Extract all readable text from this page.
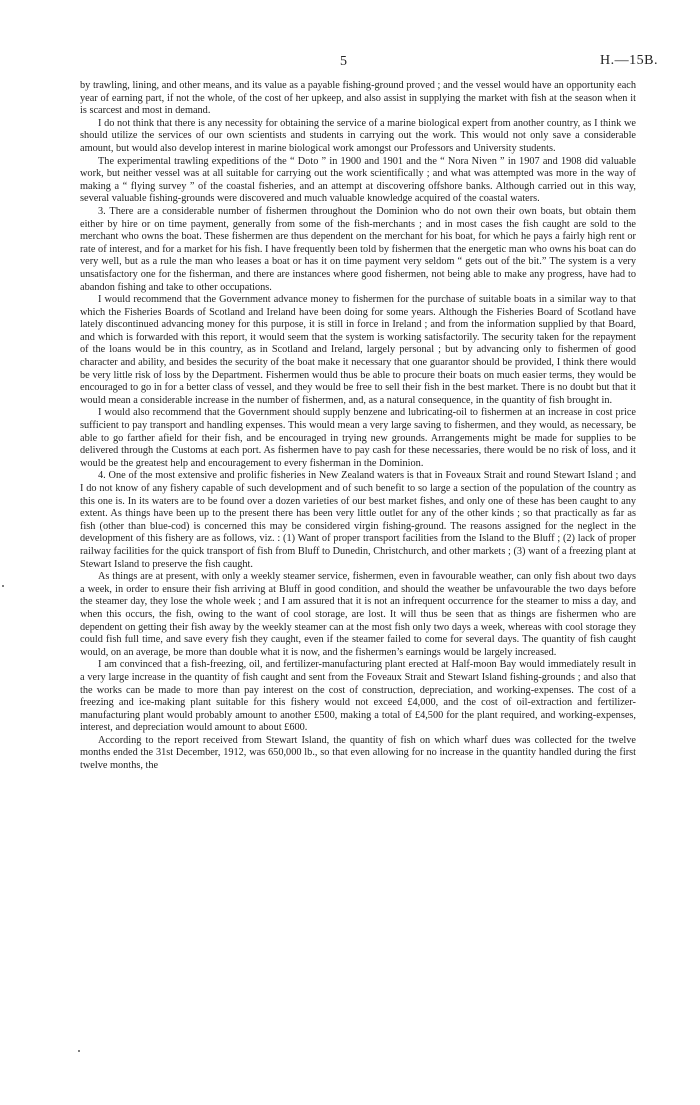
5	H.—15B.

by trawling, lining, and other means, and its value as a payable fishing-ground proved ; and the vessel would have an opportunity each year of earning part, if not the whole, of the cost of her upkeep, and also assist in supplying the market with fish at the season when it is scarcest and most in demand.

I do not think that there is any necessity for obtaining the service of a marine biological expert from another country, as I think we should utilize the services of our own scientists and students in carrying out the work. This would not only save a considerable amount, but would also develop interest in marine biological work amongst our Professors and University students.

The experimental trawling expeditions of the “ Doto ” in 1900 and 1901 and the “ Nora Niven ” in 1907 and 1908 did valuable work, but neither vessel was at all suitable for carrying out the work scientifically ; and what was attempted was more in the way of making a “ flying survey ” of the coastal fisheries, and an attempt at discovering offshore banks. Although carried out in this way, several valuable fishing-grounds were discovered and much valuable knowledge acquired of the coastal waters.

3. There are a considerable number of fishermen throughout the Dominion who do not own their own boats, but obtain them either by hire or on time payment, generally from some of the fish-merchants ; and in most cases the fish caught are sold to the merchant who owns the boat. These fishermen are thus dependent on the merchant for his boat, for which he pays a fairly high rent or rate of interest, and for a market for his fish. I have frequently been told by fishermen that the energetic man who owns his boat can do very well, but as a rule the man who leases a boat or has it on time payment very seldom “ gets out of the bit.” The system is a very unsatisfactory one for the fisherman, and there are instances where good fishermen, not being able to make any progress, have had to abandon fishing and take to other occupations.

I would recommend that the Government advance money to fishermen for the purchase of suitable boats in a similar way to that which the Fisheries Boards of Scotland and Ireland have been doing for some years. Although the Fisheries Board of Scotland have lately discontinued advancing money for this purpose, it is still in force in Ireland ; and from the information supplied by that Board, and which is forwarded with this report, it would seem that the system is working satisfactorily. The security taken for the repayment of the loans would be in this country, as in Scotland and Ireland, largely personal ; but by advancing only to fishermen of good character and ability, and besides the security of the boat make it necessary that one guarantor should be provided, I think there would be very little risk of loss by the Department. Fishermen would thus be able to procure their boats on much easier terms, they would be encouraged to go in for a better class of vessel, and they would be free to sell their fish in the best market. There is no doubt but that it would mean a considerable increase in the number of fishermen, and, as a natural consequence, in the quantity of fish brought in.

I would also recommend that the Government should supply benzene and lubricating-oil to fishermen at an increase in cost price sufficient to pay transport and handling expenses. This would mean a very large saving to fishermen, and they would, as necessary, be able to go farther afield for their fish, and be encouraged in trying new grounds. Arrangements might be made for supplies to be delivered through the Customs at each port. As fishermen have to pay cash for these necessaries, there would be no risk of loss, and it would be the greatest help and encouragement to every fisherman in the Dominion.

4. One of the most extensive and prolific fisheries in New Zealand waters is that in Foveaux Strait and round Stewart Island ; and I do not know of any fishery capable of such development and of such benefit to so large a section of the population of the country as this one is. In its waters are to be found over a dozen varieties of our best market fishes, and only one of these has been caught to any extent. As things have been up to the present there has been very little outlet for any of the other kinds ; so that practically as far as fish (other than blue-cod) is concerned this may be considered virgin fishing-ground. The reasons assigned for the neglect in the development of this fishery are as follows, viz. : (1) Want of proper transport facilities from the Island to the Bluff ; (2) lack of proper railway facilities for the quick transport of fish from Bluff to Dunedin, Christchurch, and other markets ; (3) want of a freezing plant at Stewart Island to preserve the fish caught.

As things are at present, with only a weekly steamer service, fishermen, even in favourable weather, can only fish about two days a week, in order to ensure their fish arriving at Bluff in good condition, and should the weather be unfavourable the two days before the steamer day, they lose the whole week ; and I am assured that it is not an infrequent occurrence for the steamer to miss a day, and when this occurs, the fish, owing to the want of cool storage, are lost. It will thus be seen that as things are fishermen who are dependent on getting their fish away by the weekly steamer can at the most fish only two days a week, whereas with cool storage they could fish full time, and save every fish they caught, even if the steamer failed to come for several days. The quantity of fish caught would, on an average, be more than double what it is now, and the fishermen’s earnings would be largely increased.

I am convinced that a fish-freezing, oil, and fertilizer-manufacturing plant erected at Half-moon Bay would immediately result in a very large increase in the quantity of fish caught and sent from the Foveaux Strait and Stewart Island fishing-grounds ; and also that the works can be made to more than pay interest on the cost of construction, depreciation, and working-expenses. The cost of a freezing and ice-making plant suitable for this fishery would not exceed £4,000, and the cost of oil-extraction and fertilizer-manufacturing plant would probably amount to another £500, making a total of £4,500 for the plant required, and working-expenses, interest, and depreciation would amount to about £600.

According to the report received from Stewart Island, the quantity of fish on which wharf dues was collected for the twelve months ended the 31st December, 1912, was 650,000 lb., so that even allowing for no increase in the quantity handled during the first twelve months, the
